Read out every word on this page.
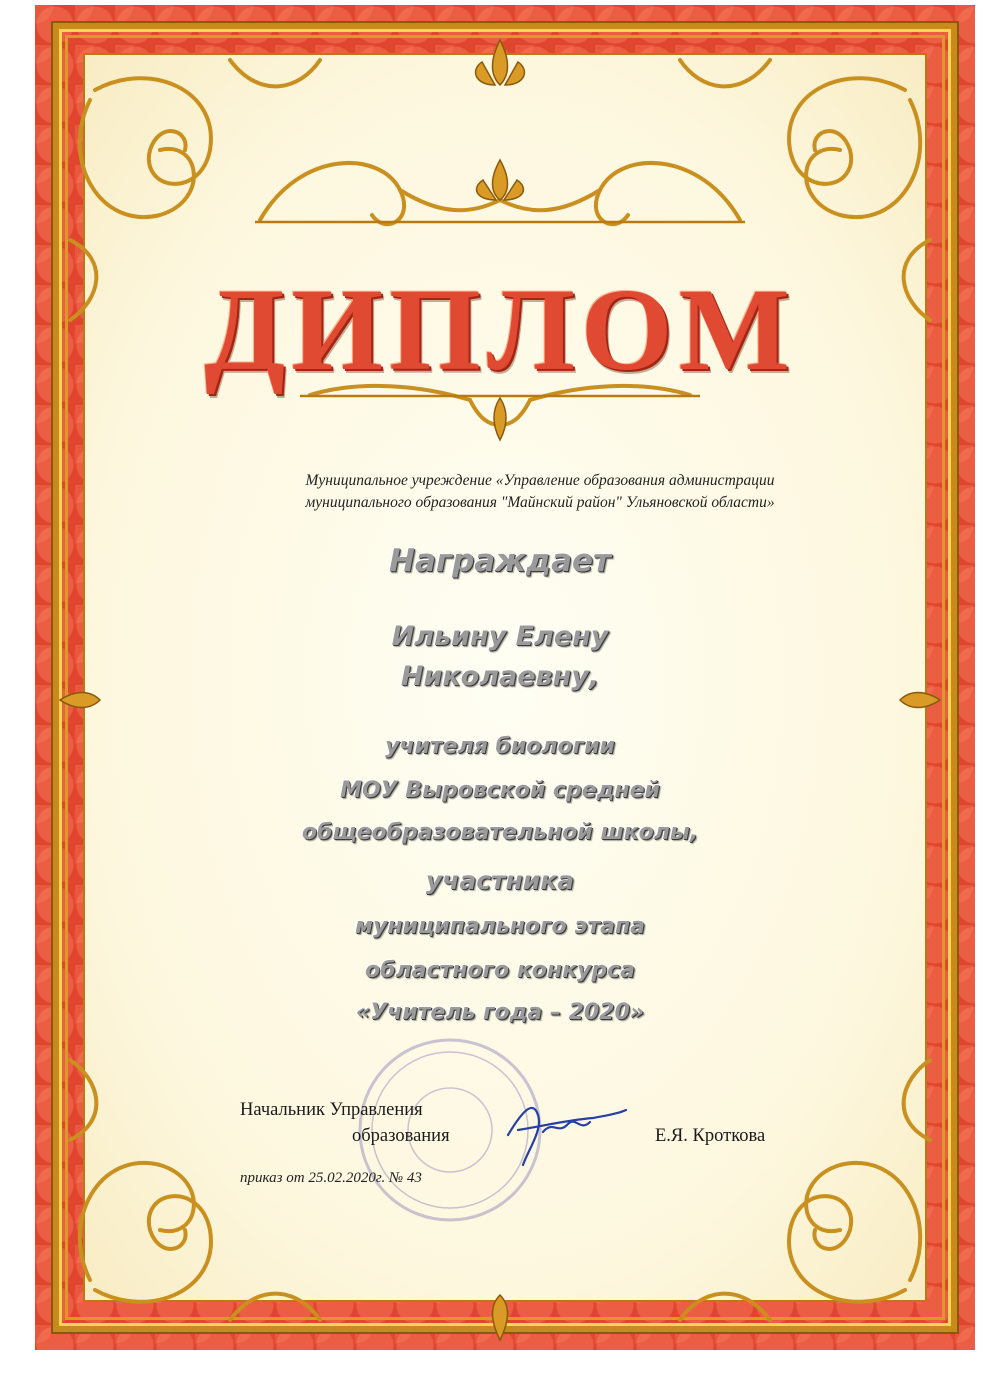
ДИПЛОМ
Муниципальное учреждение «Управление образования администрации
муниципального образования "Майнский район" Ульяновской области»
Награждает
Ильину Елену
Николаевну,
учителя биологии
МОУ Выровской средней
общеобразовательной школы,
участника
муниципального этапа
областного конкурса
«Учитель года – 2020»
Начальник Управления
образования	Е.Я. Кроткова
приказ от 25.02.2020г. № 43
